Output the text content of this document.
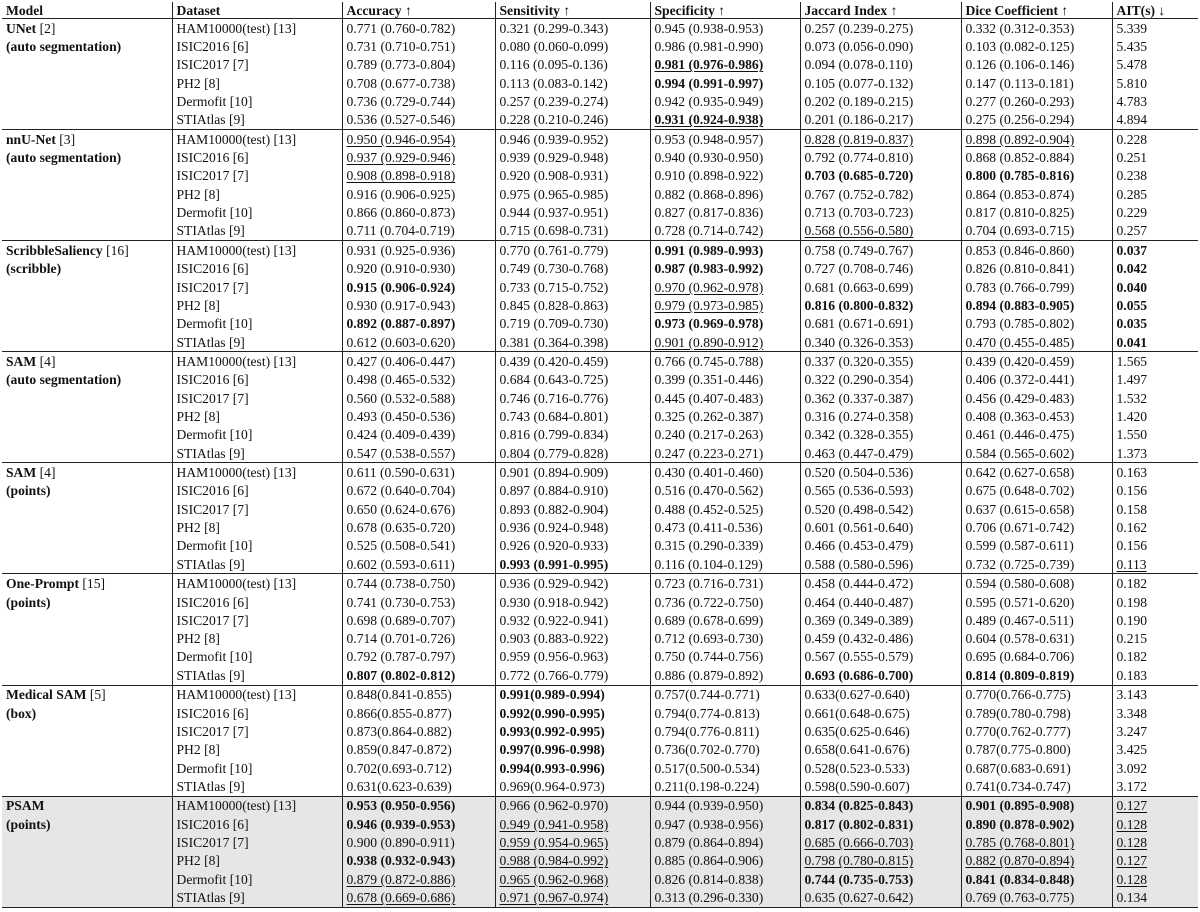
Model	Dataset	Accuracy ↑	Sensitivity ↑	Specificity ↑	Jaccard Index ↑	Dice Coefficient ↑	AIT(s) ↓
UNet [2]	HAM10000(test) [13]	0.771 (0.760-0.782)	0.321 (0.299-0.343)	0.945 (0.938-0.953)	0.257 (0.239-0.275)	0.332 (0.312-0.353)	5.339
(auto segmentation)	ISIC2016 [6]	0.731 (0.710-0.751)	0.080 (0.060-0.099)	0.986 (0.981-0.990)	0.073 (0.056-0.090)	0.103 (0.082-0.125)	5.435
	ISIC2017 [7]	0.789 (0.773-0.804)	0.116 (0.095-0.136)	0.981 (0.976-0.986)	0.094 (0.078-0.110)	0.126 (0.106-0.146)	5.478
	PH2 [8]	0.708 (0.677-0.738)	0.113 (0.083-0.142)	0.994 (0.991-0.997)	0.105 (0.077-0.132)	0.147 (0.113-0.181)	5.810
	Dermofit [10]	0.736 (0.729-0.744)	0.257 (0.239-0.274)	0.942 (0.935-0.949)	0.202 (0.189-0.215)	0.277 (0.260-0.293)	4.783
	STIAtlas [9]	0.536 (0.527-0.546)	0.228 (0.210-0.246)	0.931 (0.924-0.938)	0.201 (0.186-0.217)	0.275 (0.256-0.294)	4.894
nnU-Net [3]	HAM10000(test) [13]	0.950 (0.946-0.954)	0.946 (0.939-0.952)	0.953 (0.948-0.957)	0.828 (0.819-0.837)	0.898 (0.892-0.904)	0.228
(auto segmentation)	ISIC2016 [6]	0.937 (0.929-0.946)	0.939 (0.929-0.948)	0.940 (0.930-0.950)	0.792 (0.774-0.810)	0.868 (0.852-0.884)	0.251
	ISIC2017 [7]	0.908 (0.898-0.918)	0.920 (0.908-0.931)	0.910 (0.898-0.922)	0.703 (0.685-0.720)	0.800 (0.785-0.816)	0.238
	PH2 [8]	0.916 (0.906-0.925)	0.975 (0.965-0.985)	0.882 (0.868-0.896)	0.767 (0.752-0.782)	0.864 (0.853-0.874)	0.285
	Dermofit [10]	0.866 (0.860-0.873)	0.944 (0.937-0.951)	0.827 (0.817-0.836)	0.713 (0.703-0.723)	0.817 (0.810-0.825)	0.229
	STIAtlas [9]	0.711 (0.704-0.719)	0.715 (0.698-0.731)	0.728 (0.714-0.742)	0.568 (0.556-0.580)	0.704 (0.693-0.715)	0.257
ScribbleSaliency [16]	HAM10000(test) [13]	0.931 (0.925-0.936)	0.770 (0.761-0.779)	0.991 (0.989-0.993)	0.758 (0.749-0.767)	0.853 (0.846-0.860)	0.037
(scribble)	ISIC2016 [6]	0.920 (0.910-0.930)	0.749 (0.730-0.768)	0.987 (0.983-0.992)	0.727 (0.708-0.746)	0.826 (0.810-0.841)	0.042
	ISIC2017 [7]	0.915 (0.906-0.924)	0.733 (0.715-0.752)	0.970 (0.962-0.978)	0.681 (0.663-0.699)	0.783 (0.766-0.799)	0.040
	PH2 [8]	0.930 (0.917-0.943)	0.845 (0.828-0.863)	0.979 (0.973-0.985)	0.816 (0.800-0.832)	0.894 (0.883-0.905)	0.055
	Dermofit [10]	0.892 (0.887-0.897)	0.719 (0.709-0.730)	0.973 (0.969-0.978)	0.681 (0.671-0.691)	0.793 (0.785-0.802)	0.035
	STIAtlas [9]	0.612 (0.603-0.620)	0.381 (0.364-0.398)	0.901 (0.890-0.912)	0.340 (0.326-0.353)	0.470 (0.455-0.485)	0.041
SAM [4]	HAM10000(test) [13]	0.427 (0.406-0.447)	0.439 (0.420-0.459)	0.766 (0.745-0.788)	0.337 (0.320-0.355)	0.439 (0.420-0.459)	1.565
(auto segmentation)	ISIC2016 [6]	0.498 (0.465-0.532)	0.684 (0.643-0.725)	0.399 (0.351-0.446)	0.322 (0.290-0.354)	0.406 (0.372-0.441)	1.497
	ISIC2017 [7]	0.560 (0.532-0.588)	0.746 (0.716-0.776)	0.445 (0.407-0.483)	0.362 (0.337-0.387)	0.456 (0.429-0.483)	1.532
	PH2 [8]	0.493 (0.450-0.536)	0.743 (0.684-0.801)	0.325 (0.262-0.387)	0.316 (0.274-0.358)	0.408 (0.363-0.453)	1.420
	Dermofit [10]	0.424 (0.409-0.439)	0.816 (0.799-0.834)	0.240 (0.217-0.263)	0.342 (0.328-0.355)	0.461 (0.446-0.475)	1.550
	STIAtlas [9]	0.547 (0.538-0.557)	0.804 (0.779-0.828)	0.247 (0.223-0.271)	0.463 (0.447-0.479)	0.584 (0.565-0.602)	1.373
SAM [4]	HAM10000(test) [13]	0.611 (0.590-0.631)	0.901 (0.894-0.909)	0.430 (0.401-0.460)	0.520 (0.504-0.536)	0.642 (0.627-0.658)	0.163
(points)	ISIC2016 [6]	0.672 (0.640-0.704)	0.897 (0.884-0.910)	0.516 (0.470-0.562)	0.565 (0.536-0.593)	0.675 (0.648-0.702)	0.156
	ISIC2017 [7]	0.650 (0.624-0.676)	0.893 (0.882-0.904)	0.488 (0.452-0.525)	0.520 (0.498-0.542)	0.637 (0.615-0.658)	0.158
	PH2 [8]	0.678 (0.635-0.720)	0.936 (0.924-0.948)	0.473 (0.411-0.536)	0.601 (0.561-0.640)	0.706 (0.671-0.742)	0.162
	Dermofit [10]	0.525 (0.508-0.541)	0.926 (0.920-0.933)	0.315 (0.290-0.339)	0.466 (0.453-0.479)	0.599 (0.587-0.611)	0.156
	STIAtlas [9]	0.602 (0.593-0.611)	0.993 (0.991-0.995)	0.116 (0.104-0.129)	0.588 (0.580-0.596)	0.732 (0.725-0.739)	0.113
One-Prompt [15]	HAM10000(test) [13]	0.744 (0.738-0.750)	0.936 (0.929-0.942)	0.723 (0.716-0.731)	0.458 (0.444-0.472)	0.594 (0.580-0.608)	0.182
(points)	ISIC2016 [6]	0.741 (0.730-0.753)	0.930 (0.918-0.942)	0.736 (0.722-0.750)	0.464 (0.440-0.487)	0.595 (0.571-0.620)	0.198
	ISIC2017 [7]	0.698 (0.689-0.707)	0.932 (0.922-0.941)	0.689 (0.678-0.699)	0.369 (0.349-0.389)	0.489 (0.467-0.511)	0.190
	PH2 [8]	0.714 (0.701-0.726)	0.903 (0.883-0.922)	0.712 (0.693-0.730)	0.459 (0.432-0.486)	0.604 (0.578-0.631)	0.215
	Dermofit [10]	0.792 (0.787-0.797)	0.959 (0.956-0.963)	0.750 (0.744-0.756)	0.567 (0.555-0.579)	0.695 (0.684-0.706)	0.182
	STIAtlas [9]	0.807 (0.802-0.812)	0.772 (0.766-0.779)	0.886 (0.879-0.892)	0.693 (0.686-0.700)	0.814 (0.809-0.819)	0.183
Medical SAM [5]	HAM10000(test) [13]	0.848(0.841-0.855)	0.991(0.989-0.994)	0.757(0.744-0.771)	0.633(0.627-0.640)	0.770(0.766-0.775)	3.143
(box)	ISIC2016 [6]	0.866(0.855-0.877)	0.992(0.990-0.995)	0.794(0.774-0.813)	0.661(0.648-0.675)	0.789(0.780-0.798)	3.348
	ISIC2017 [7]	0.873(0.864-0.882)	0.993(0.992-0.995)	0.794(0.776-0.811)	0.635(0.625-0.646)	0.770(0.762-0.777)	3.247
	PH2 [8]	0.859(0.847-0.872)	0.997(0.996-0.998)	0.736(0.702-0.770)	0.658(0.641-0.676)	0.787(0.775-0.800)	3.425
	Dermofit [10]	0.702(0.693-0.712)	0.994(0.993-0.996)	0.517(0.500-0.534)	0.528(0.523-0.533)	0.687(0.683-0.691)	3.092
	STIAtlas [9]	0.631(0.623-0.639)	0.969(0.964-0.973)	0.211(0.198-0.224)	0.598(0.590-0.607)	0.741(0.734-0.747)	3.172
PSAM	HAM10000(test) [13]	0.953 (0.950-0.956)	0.966 (0.962-0.970)	0.944 (0.939-0.950)	0.834 (0.825-0.843)	0.901 (0.895-0.908)	0.127
(points)	ISIC2016 [6]	0.946 (0.939-0.953)	0.949 (0.941-0.958)	0.947 (0.938-0.956)	0.817 (0.802-0.831)	0.890 (0.878-0.902)	0.128
	ISIC2017 [7]	0.900 (0.890-0.911)	0.959 (0.954-0.965)	0.879 (0.864-0.894)	0.685 (0.666-0.703)	0.785 (0.768-0.801)	0.128
	PH2 [8]	0.938 (0.932-0.943)	0.988 (0.984-0.992)	0.885 (0.864-0.906)	0.798 (0.780-0.815)	0.882 (0.870-0.894)	0.127
	Dermofit [10]	0.879 (0.872-0.886)	0.965 (0.962-0.968)	0.826 (0.814-0.838)	0.744 (0.735-0.753)	0.841 (0.834-0.848)	0.128
	STIAtlas [9]	0.678 (0.669-0.686)	0.971 (0.967-0.974)	0.313 (0.296-0.330)	0.635 (0.627-0.642)	0.769 (0.763-0.775)	0.134
